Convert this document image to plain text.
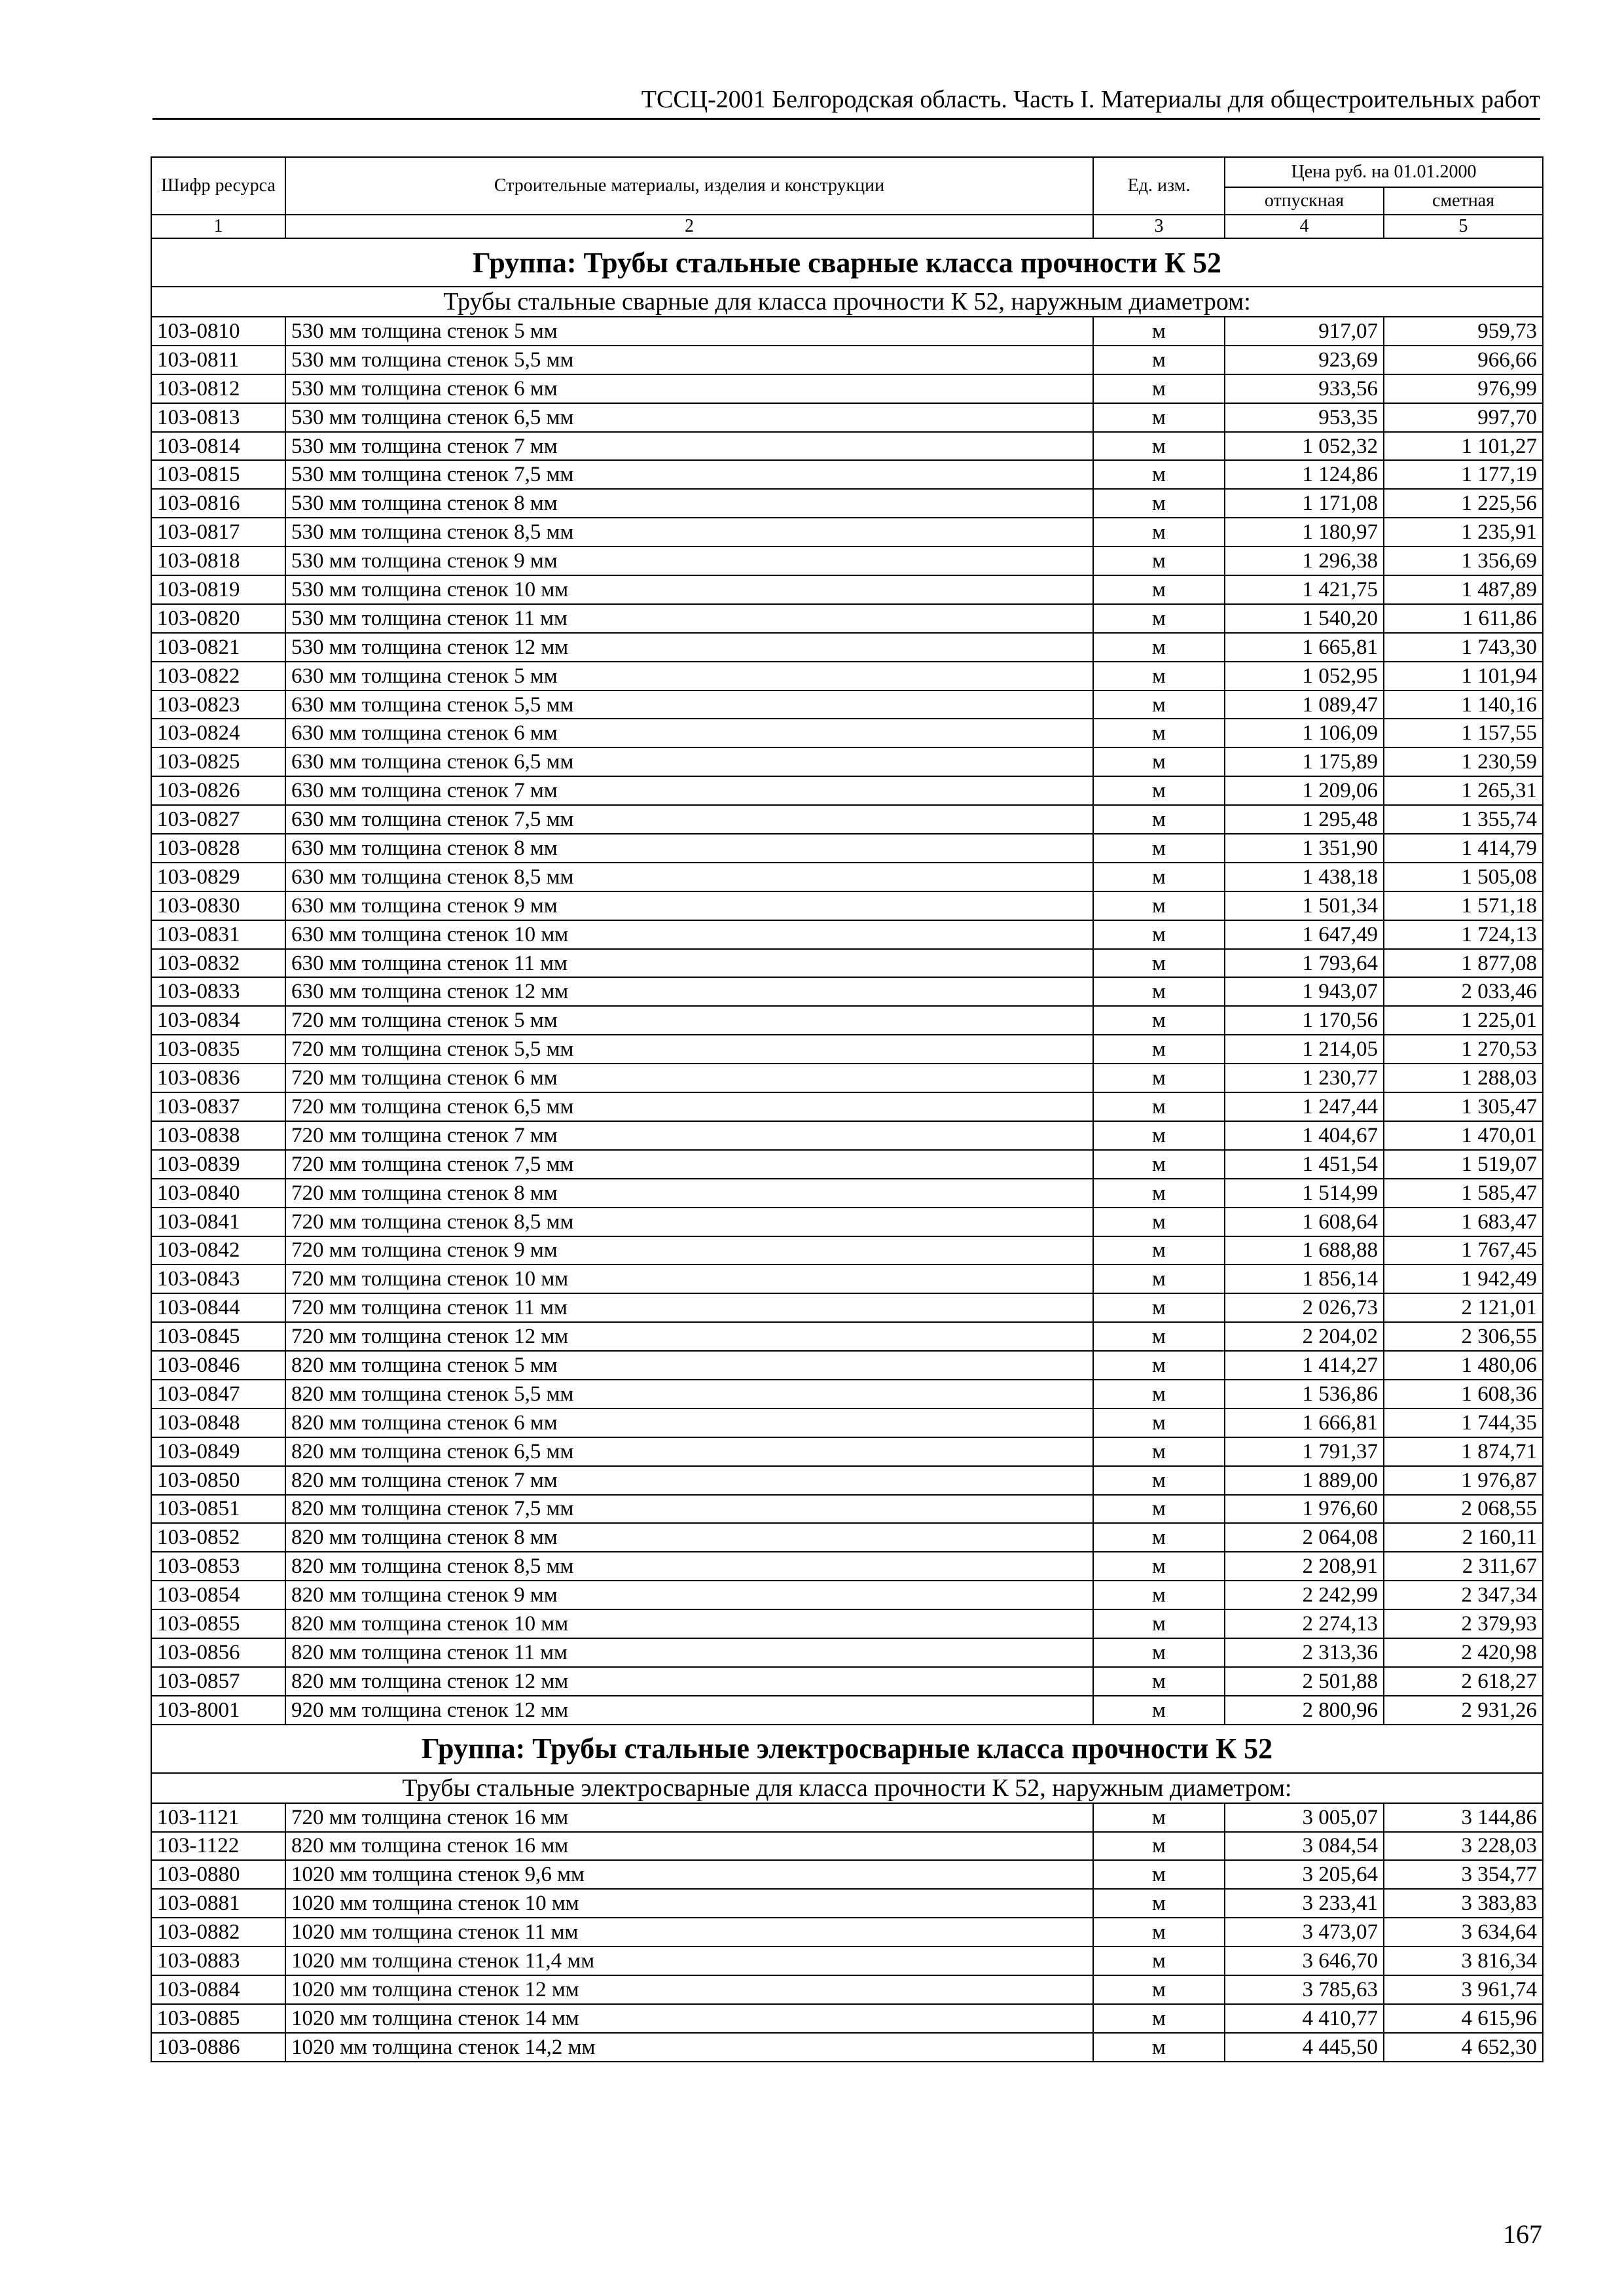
ТССЦ-2001 Белгородская область. Часть I. Материалы для общестроительных работ
Шифр ресурса	Строительные материалы, изделия и конструкции	Ед. изм.	Цена руб. на 01.01.2000	
			отпускная	сметная
1	2	3	4	5
Группа: Трубы стальные сварные класса прочности К 52				
Трубы стальные сварные для класса прочности К 52, наружным диаметром:				
103-0810	530 мм толщина стенок 5 мм	м	917,07	959,73
103-0811	530 мм толщина стенок 5,5 мм	м	923,69	966,66
103-0812	530 мм толщина стенок 6 мм	м	933,56	976,99
103-0813	530 мм толщина стенок 6,5 мм	м	953,35	997,70
103-0814	530 мм толщина стенок 7 мм	м	1 052,32	1 101,27
103-0815	530 мм толщина стенок 7,5 мм	м	1 124,86	1 177,19
103-0816	530 мм толщина стенок 8 мм	м	1 171,08	1 225,56
103-0817	530 мм толщина стенок 8,5 мм	м	1 180,97	1 235,91
103-0818	530 мм толщина стенок 9 мм	м	1 296,38	1 356,69
103-0819	530 мм толщина стенок 10 мм	м	1 421,75	1 487,89
103-0820	530 мм толщина стенок 11 мм	м	1 540,20	1 611,86
103-0821	530 мм толщина стенок 12 мм	м	1 665,81	1 743,30
103-0822	630 мм толщина стенок 5 мм	м	1 052,95	1 101,94
103-0823	630 мм толщина стенок 5,5 мм	м	1 089,47	1 140,16
103-0824	630 мм толщина стенок 6 мм	м	1 106,09	1 157,55
103-0825	630 мм толщина стенок 6,5 мм	м	1 175,89	1 230,59
103-0826	630 мм толщина стенок 7 мм	м	1 209,06	1 265,31
103-0827	630 мм толщина стенок 7,5 мм	м	1 295,48	1 355,74
103-0828	630 мм толщина стенок 8 мм	м	1 351,90	1 414,79
103-0829	630 мм толщина стенок 8,5 мм	м	1 438,18	1 505,08
103-0830	630 мм толщина стенок 9 мм	м	1 501,34	1 571,18
103-0831	630 мм толщина стенок 10 мм	м	1 647,49	1 724,13
103-0832	630 мм толщина стенок 11 мм	м	1 793,64	1 877,08
103-0833	630 мм толщина стенок 12 мм	м	1 943,07	2 033,46
103-0834	720 мм толщина стенок 5 мм	м	1 170,56	1 225,01
103-0835	720 мм толщина стенок 5,5 мм	м	1 214,05	1 270,53
103-0836	720 мм толщина стенок 6 мм	м	1 230,77	1 288,03
103-0837	720 мм толщина стенок 6,5 мм	м	1 247,44	1 305,47
103-0838	720 мм толщина стенок 7 мм	м	1 404,67	1 470,01
103-0839	720 мм толщина стенок 7,5 мм	м	1 451,54	1 519,07
103-0840	720 мм толщина стенок 8 мм	м	1 514,99	1 585,47
103-0841	720 мм толщина стенок 8,5 мм	м	1 608,64	1 683,47
103-0842	720 мм толщина стенок 9 мм	м	1 688,88	1 767,45
103-0843	720 мм толщина стенок 10 мм	м	1 856,14	1 942,49
103-0844	720 мм толщина стенок 11 мм	м	2 026,73	2 121,01
103-0845	720 мм толщина стенок 12 мм	м	2 204,02	2 306,55
103-0846	820 мм толщина стенок 5 мм	м	1 414,27	1 480,06
103-0847	820 мм толщина стенок 5,5 мм	м	1 536,86	1 608,36
103-0848	820 мм толщина стенок 6 мм	м	1 666,81	1 744,35
103-0849	820 мм толщина стенок 6,5 мм	м	1 791,37	1 874,71
103-0850	820 мм толщина стенок 7 мм	м	1 889,00	1 976,87
103-0851	820 мм толщина стенок 7,5 мм	м	1 976,60	2 068,55
103-0852	820 мм толщина стенок 8 мм	м	2 064,08	2 160,11
103-0853	820 мм толщина стенок 8,5 мм	м	2 208,91	2 311,67
103-0854	820 мм толщина стенок 9 мм	м	2 242,99	2 347,34
103-0855	820 мм толщина стенок 10 мм	м	2 274,13	2 379,93
103-0856	820 мм толщина стенок 11 мм	м	2 313,36	2 420,98
103-0857	820 мм толщина стенок 12 мм	м	2 501,88	2 618,27
103-8001	920 мм толщина стенок 12 мм	м	2 800,96	2 931,26
Группа: Трубы стальные электросварные класса прочности К 52				
Трубы стальные электросварные для класса прочности К 52, наружным диаметром:				
103-1121	720 мм толщина стенок 16 мм	м	3 005,07	3 144,86
103-1122	820 мм толщина стенок 16 мм	м	3 084,54	3 228,03
103-0880	1020 мм толщина стенок 9,6 мм	м	3 205,64	3 354,77
103-0881	1020 мм толщина стенок 10 мм	м	3 233,41	3 383,83
103-0882	1020 мм толщина стенок 11 мм	м	3 473,07	3 634,64
103-0883	1020 мм толщина стенок 11,4 мм	м	3 646,70	3 816,34
103-0884	1020 мм толщина стенок 12 мм	м	3 785,63	3 961,74
103-0885	1020 мм толщина стенок 14 мм	м	4 410,77	4 615,96
103-0886	1020 мм толщина стенок 14,2 мм	м	4 445,50	4 652,30
167
